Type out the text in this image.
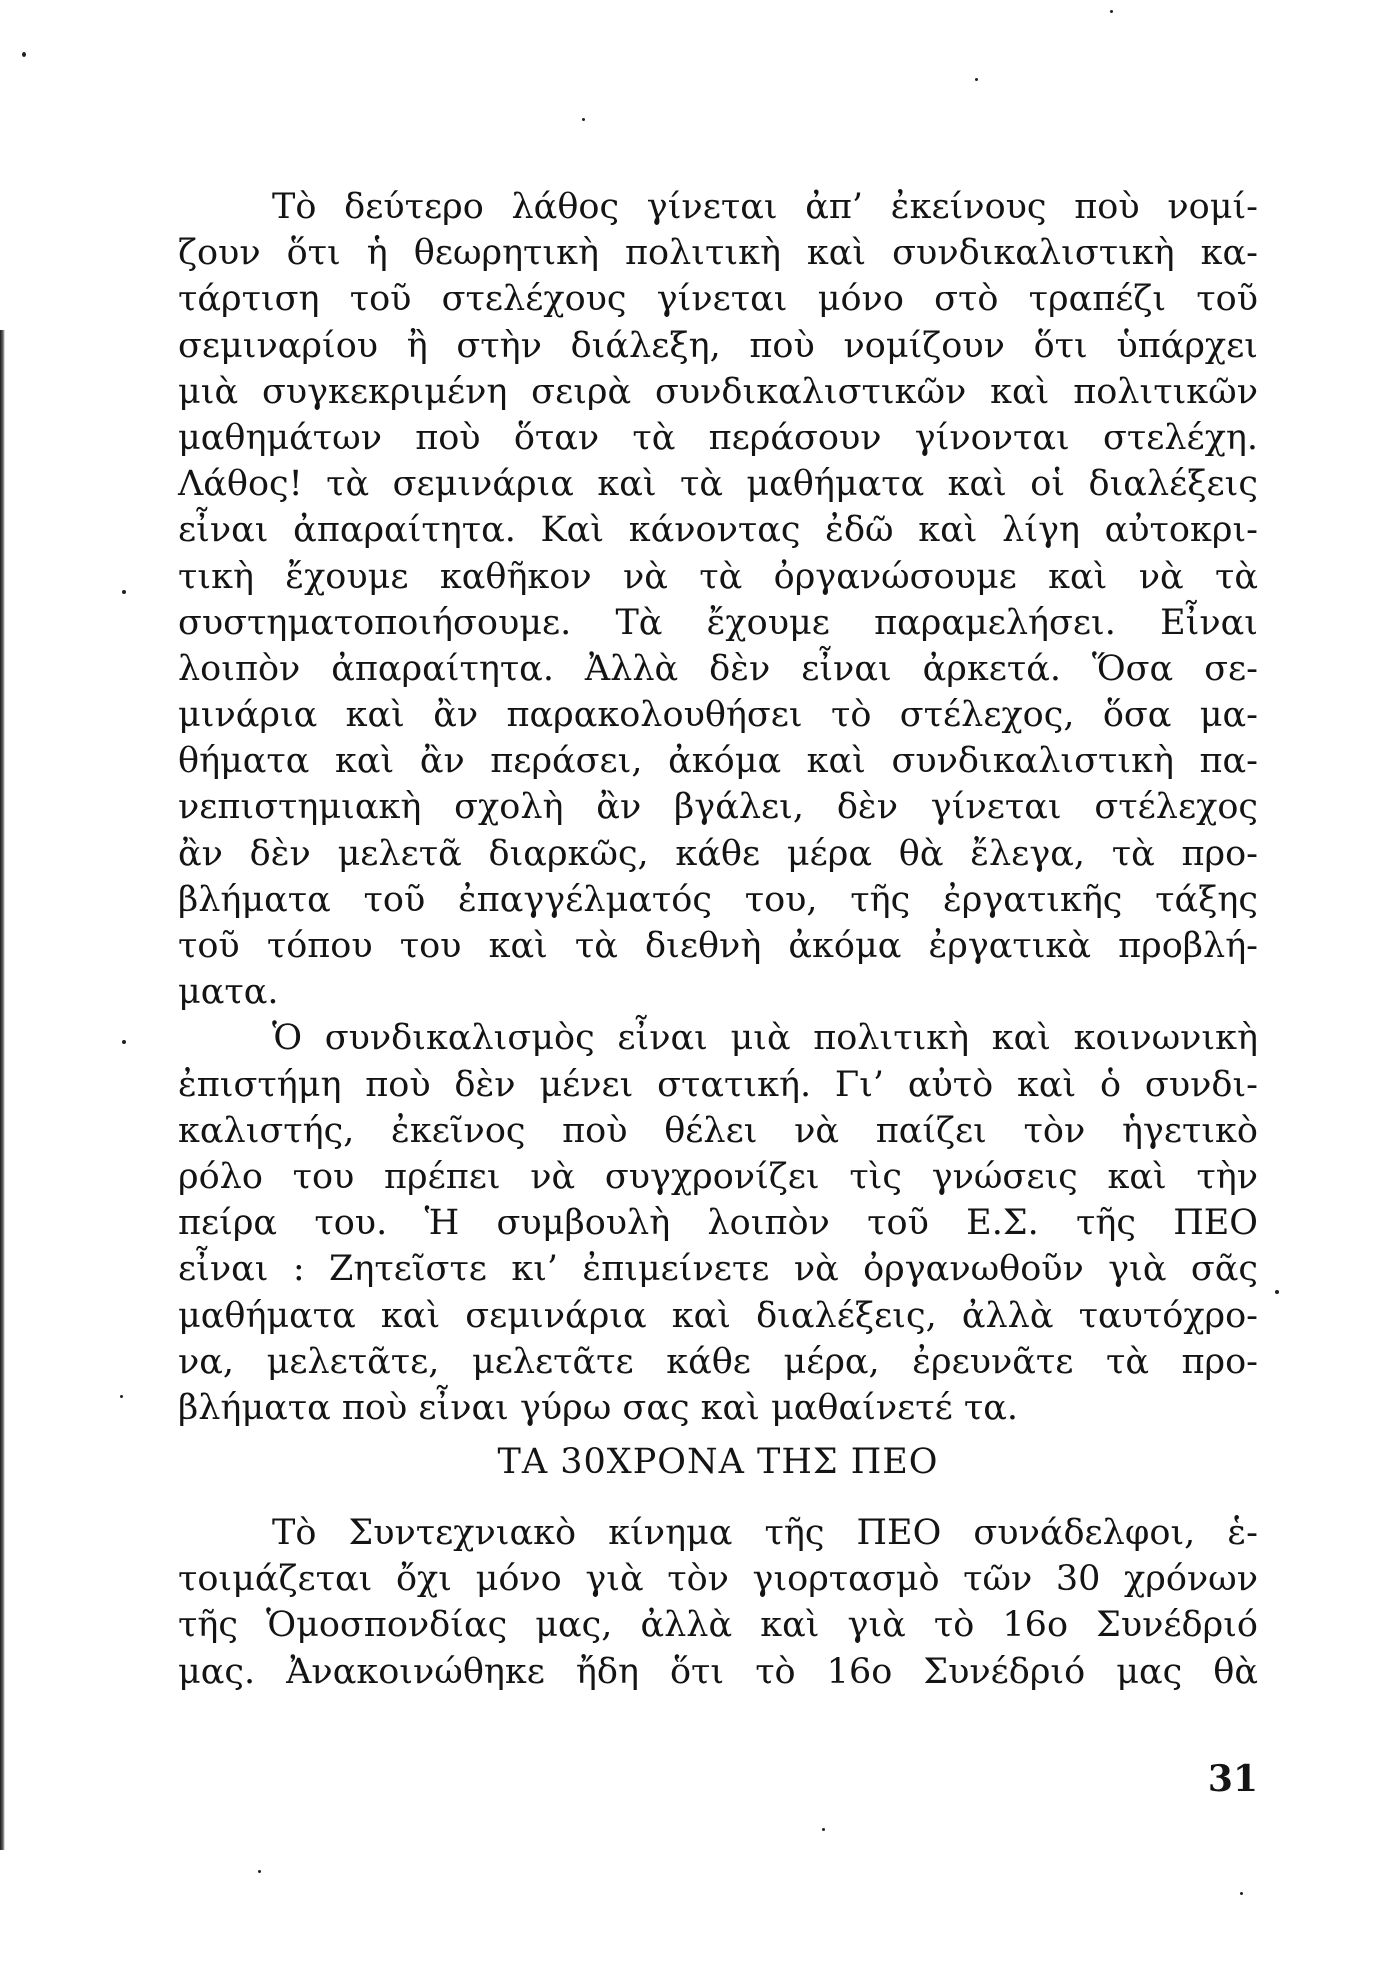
Τὸ δεύτερο λάθος γίνεται ἀπ’ ἐκείνους ποὺ νομί-
ζουν ὅτι ἡ θεωρητικὴ πολιτικὴ καὶ συνδικαλιστικὴ κα-
τάρτιση τοῦ στελέχους γίνεται μόνο στὸ τραπέζι τοῦ
σεμιναρίου ἢ στὴν διάλεξη, ποὺ νομίζουν ὅτι ὑπάρχει
μιὰ συγκεκριμένη σειρὰ συνδικαλιστικῶν καὶ πολιτικῶν
μαθημάτων ποὺ ὅταν τὰ περάσουν γίνονται στελέχη.
Λάθος! τὰ σεμινάρια καὶ τὰ μαθήματα καὶ οἱ διαλέξεις
εἶναι ἀπαραίτητα. Καὶ κάνοντας ἐδῶ καὶ λίγη αὐτοκρι-
τικὴ ἔχουμε καθῆκον νὰ τὰ ὀργανώσουμε καὶ νὰ τὰ
συστηματοποιήσουμε. Τὰ ἔχουμε παραμελήσει. Εἶναι
λοιπὸν ἀπαραίτητα. Ἀλλὰ δὲν εἶναι ἀρκετά. Ὅσα σε-
μινάρια καὶ ἂν παρακολουθήσει τὸ στέλεχος, ὅσα μα-
θήματα καὶ ἂν περάσει, ἀκόμα καὶ συνδικαλιστικὴ πα-
νεπιστημιακὴ σχολὴ ἂν βγάλει, δὲν γίνεται στέλεχος
ἂν δὲν μελετᾶ διαρκῶς, κάθε μέρα θὰ ἔλεγα, τὰ προ-
βλήματα τοῦ ἐπαγγέλματός του, τῆς ἐργατικῆς τάξης
τοῦ τόπου του καὶ τὰ διεθνὴ ἀκόμα ἐργατικὰ προβλή-
ματα.
Ὁ συνδικαλισμὸς εἶναι μιὰ πολιτικὴ καὶ κοινωνικὴ
ἐπιστήμη ποὺ δὲν μένει στατική. Γι’ αὐτὸ καὶ ὁ συνδι-
καλιστής, ἐκεῖνος ποὺ θέλει νὰ παίζει τὸν ἡγετικὸ
ρόλο του πρέπει νὰ συγχρονίζει τὶς γνώσεις καὶ τὴν
πείρα του. Ἡ συμβουλὴ λοιπὸν τοῦ Ε.Σ. τῆς ΠΕΟ
εἶναι : Ζητεῖστε κι’ ἐπιμείνετε νὰ ὀργανωθοῦν γιὰ σᾶς
μαθήματα καὶ σεμινάρια καὶ διαλέξεις, ἀλλὰ ταυτόχρο-
να, μελετᾶτε, μελετᾶτε κάθε μέρα, ἐρευνᾶτε τὰ προ-
βλήματα ποὺ εἶναι γύρω σας καὶ μαθαίνετέ τα.
ΤΑ 30ΧΡΟΝΑ ΤΗΣ ΠΕΟ
Τὸ Συντεχνιακὸ κίνημα τῆς ΠΕΟ συνάδελφοι, ἑ-
τοιμάζεται ὄχι μόνο γιὰ τὸν γιορτασμὸ τῶν 30 χρόνων
τῆς Ὁμοσπονδίας μας, ἀλλὰ καὶ γιὰ τὸ 16ο Συνέδριό
μας. Ἀνακοινώθηκε ἤδη ὅτι τὸ 16ο Συνέδριό μας θὰ
31
